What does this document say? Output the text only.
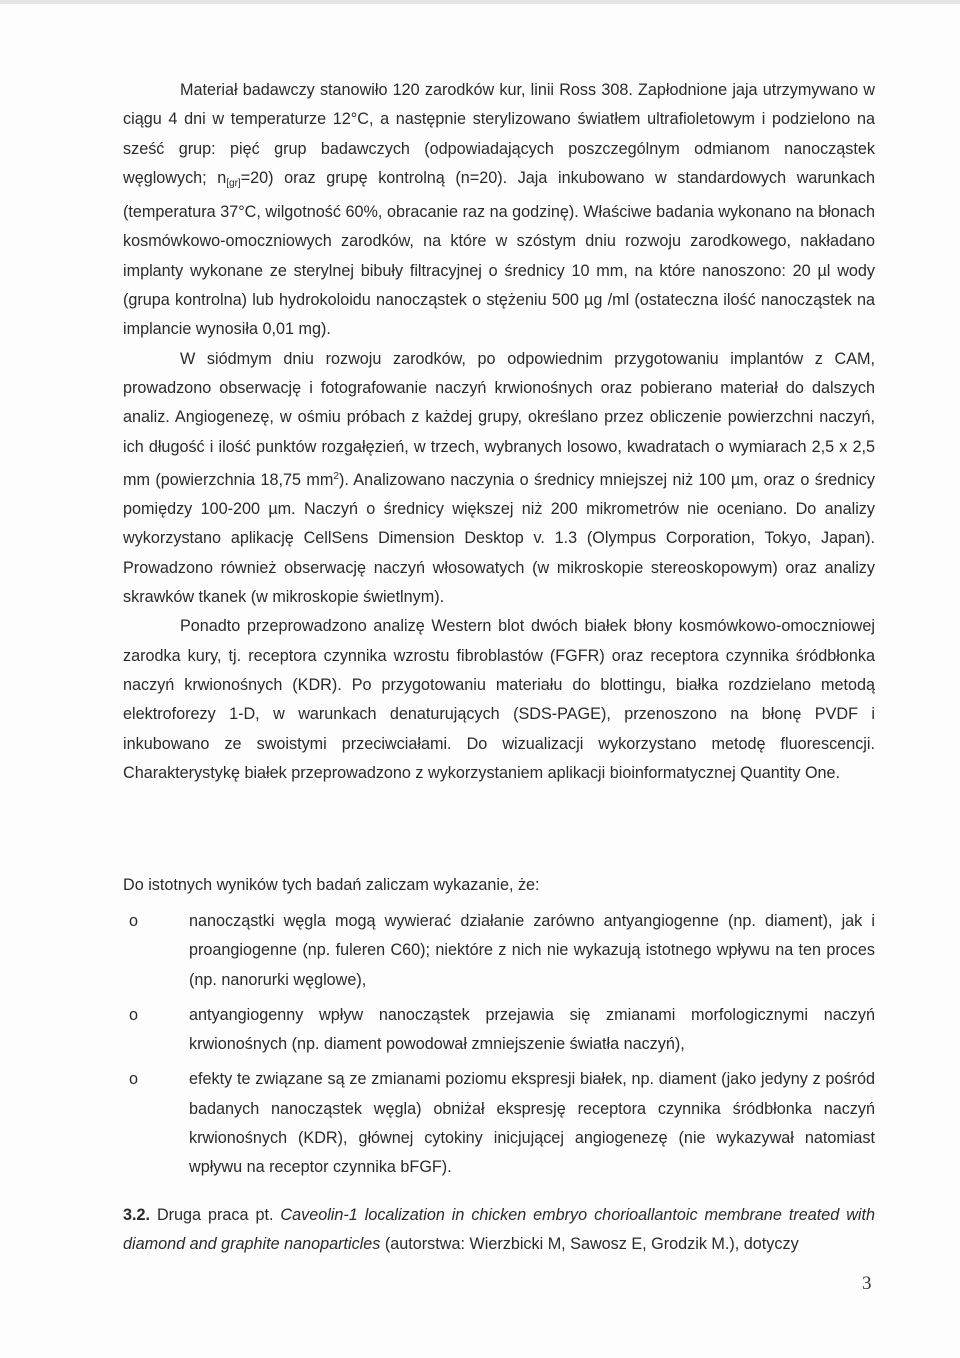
Materiał badawczy stanowiło 120 zarodków kur, linii Ross 308. Zapłodnione jaja utrzymywano w ciągu 4 dni w temperaturze 12°C, a następnie sterylizowano światłem ultrafioletowym i podzielono na sześć grup: pięć grup badawczych (odpowiadających poszczególnym odmianom nanocząstek węglowych; $n_{[gr]}=20$) oraz grupę kontrolną (n=20). Jaja inkubowano w standardowych warunkach (temperatura 37°C, wilgotność 60%, obracanie raz na godzinę). Właściwe badania wykonano na błonach kosmówkowo-omoczniowych zarodków, na które w szóstym dniu rozwoju zarodkowego, nakładano implanty wykonane ze sterylnej bibuły filtracyjnej o średnicy 10 mm, na które nanoszono: 20 µl wody (grupa kontrolna) lub hydrokoloidu nanocząstek o stężeniu 500 µg /ml (ostateczna ilość nanocząstek na implancie wynosiła 0,01 mg).

W siódmym dniu rozwoju zarodków, po odpowiednim przygotowaniu implantów z CAM, prowadzono obserwację i fotografowanie naczyń krwionośnych oraz pobierano materiał do dalszych analiz. Angiogenezę, w ośmiu próbach z każdej grupy, określano przez obliczenie powierzchni naczyń, ich długość i ilość punktów rozgałęzień, w trzech, wybranych losowo, kwadratach o wymiarach 2,5 x 2,5 mm (powierzchnia 18,75 $mm^2$). Analizowano naczynia o średnicy mniejszej niż 100 µm, oraz o średnicy pomiędzy 100-200 µm. Naczyń o średnicy większej niż 200 mikrometrów nie oceniano. Do analizy wykorzystano aplikację CellSens Dimension Desktop v. 1.3 (Olympus Corporation, Tokyo, Japan). Prowadzono również obserwację naczyń włosowatych (w mikroskopie stereoskopowym) oraz analizy skrawków tkanek (w mikroskopie świetlnym).

Ponadto przeprowadzono analizę Western blot dwóch białek błony kosmówkowo-omoczniowej zarodka kury, tj. receptora czynnika wzrostu fibroblastów (FGFR) oraz receptora czynnika śródbłonka naczyń krwionośnych (KDR). Po przygotowaniu materiału do blottingu, białka rozdzielano metodą elektroforezy 1-D, w warunkach denaturujących (SDS-PAGE), przenoszono na błonę PVDF i inkubowano ze swoistymi przeciwciałami. Do wizualizacji wykorzystano metodę fluorescencji. Charakterystykę białek przeprowadzono z wykorzystaniem aplikacji bioinformatycznej Quantity One.

Do istotnych wyników tych badań zaliczam wykazanie, że:

o	nanocząstki węgla mogą wywierać działanie zarówno antyangiogenne (np. diament), jak i proangiogenne (np. fuleren C60); niektóre z nich nie wykazują istotnego wpływu na ten proces (np. nanorurki węglowe),
o	antyangiogenny wpływ nanocząstek przejawia się zmianami morfologicznymi naczyń krwionośnych (np. diament powodował zmniejszenie światła naczyń),
o	efekty te związane są ze zmianami poziomu ekspresji białek, np. diament (jako jedyny z pośród badanych nanocząstek węgla) obniżał ekspresję receptora czynnika śródbłonka naczyń krwionośnych (KDR), głównej cytokiny inicjującej angiogenezę (nie wykazywał natomiast wpływu na receptor czynnika bFGF).
3.2. Druga praca pt. Caveolin-1 localization in chicken embryo chorioallantoic membrane treated with diamond and graphite nanoparticles (autorstwa: Wierzbicki M, Sawosz E, Grodzik M.), dotyczy
3
